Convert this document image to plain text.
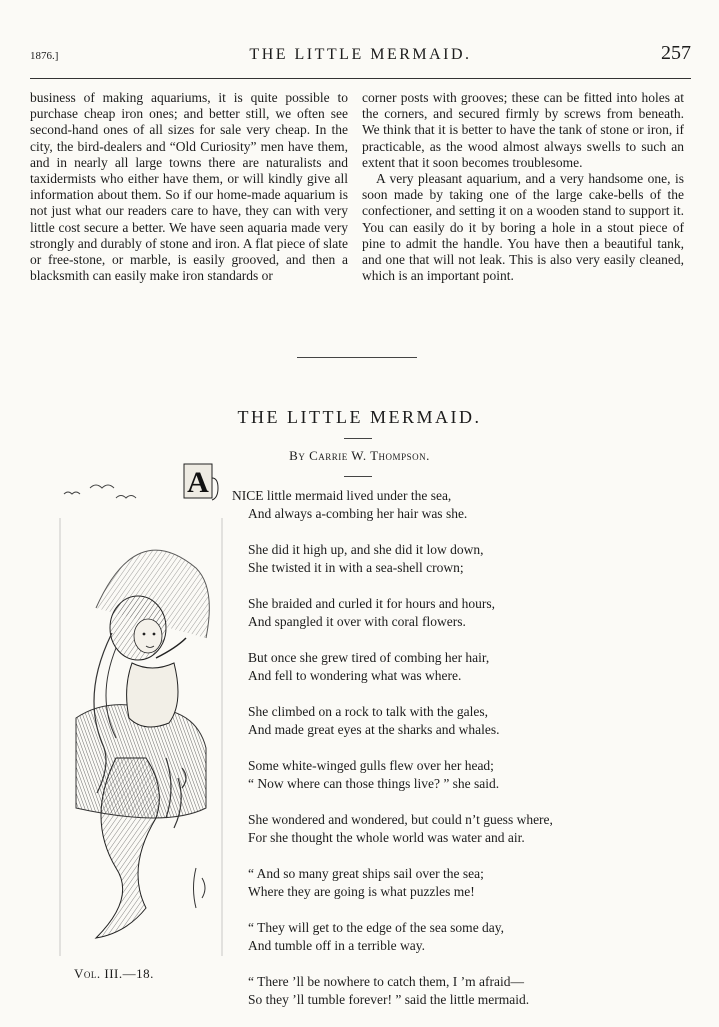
1876.]	THE LITTLE MERMAID.	257

business of making aquariums, it is quite possible to purchase cheap iron ones; and better still, we often see second-hand ones of all sizes for sale very cheap. In the city, the bird-dealers and “Old Curiosity” men have them, and in nearly all large towns there are naturalists and taxidermists who either have them, or will kindly give all information about them. So if our home-made aquarium is not just what our readers care to have, they can with very little cost secure a better. We have seen aquaria made very strongly and durably of stone and iron. A flat piece of slate or free-stone, or marble, is easily grooved, and then a blacksmith can easily make iron standards or

corner posts with grooves; these can be fitted into holes at the corners, and secured firmly by screws from beneath. We think that it is better to have the tank of stone or iron, if practicable, as the wood almost always swells to such an extent that it soon becomes troublesome.

A very pleasant aquarium, and a very handsome one, is soon made by taking one of the large cake-bells of the confectioner, and setting it on a wooden stand to support it. You can easily do it by boring a hole in a stout piece of pine to admit the handle. You have then a beautiful tank, and one that will not leak. This is also very easily cleaned, which is an important point.

THE LITTLE MERMAID.
By Carrie W. Thompson.
A NICE little mermaid lived under the sea,
And always a-combing her hair was she.
She did it high up, and she did it low down,
She twisted it in with a sea-shell crown;
She braided and curled it for hours and hours,
And spangled it over with coral flowers.
But once she grew tired of combing her hair,
And fell to wondering what was where.
She climbed on a rock to talk with the gales,
And made great eyes at the sharks and whales.
Some white-winged gulls flew over her head;
“ Now where can those things live? ” she said.
She wondered and wondered, but could n’t guess where,
For she thought the whole world was water and air.
“ And so many great ships sail over the sea;
Where they are going is what puzzles me!
“ They will get to the edge of the sea some day,
And tumble off in a terrible way.
“ There ’ll be nowhere to catch them, I ’m afraid—
So they ’ll tumble forever! ” said the little mermaid.
Vol. III.—18.
